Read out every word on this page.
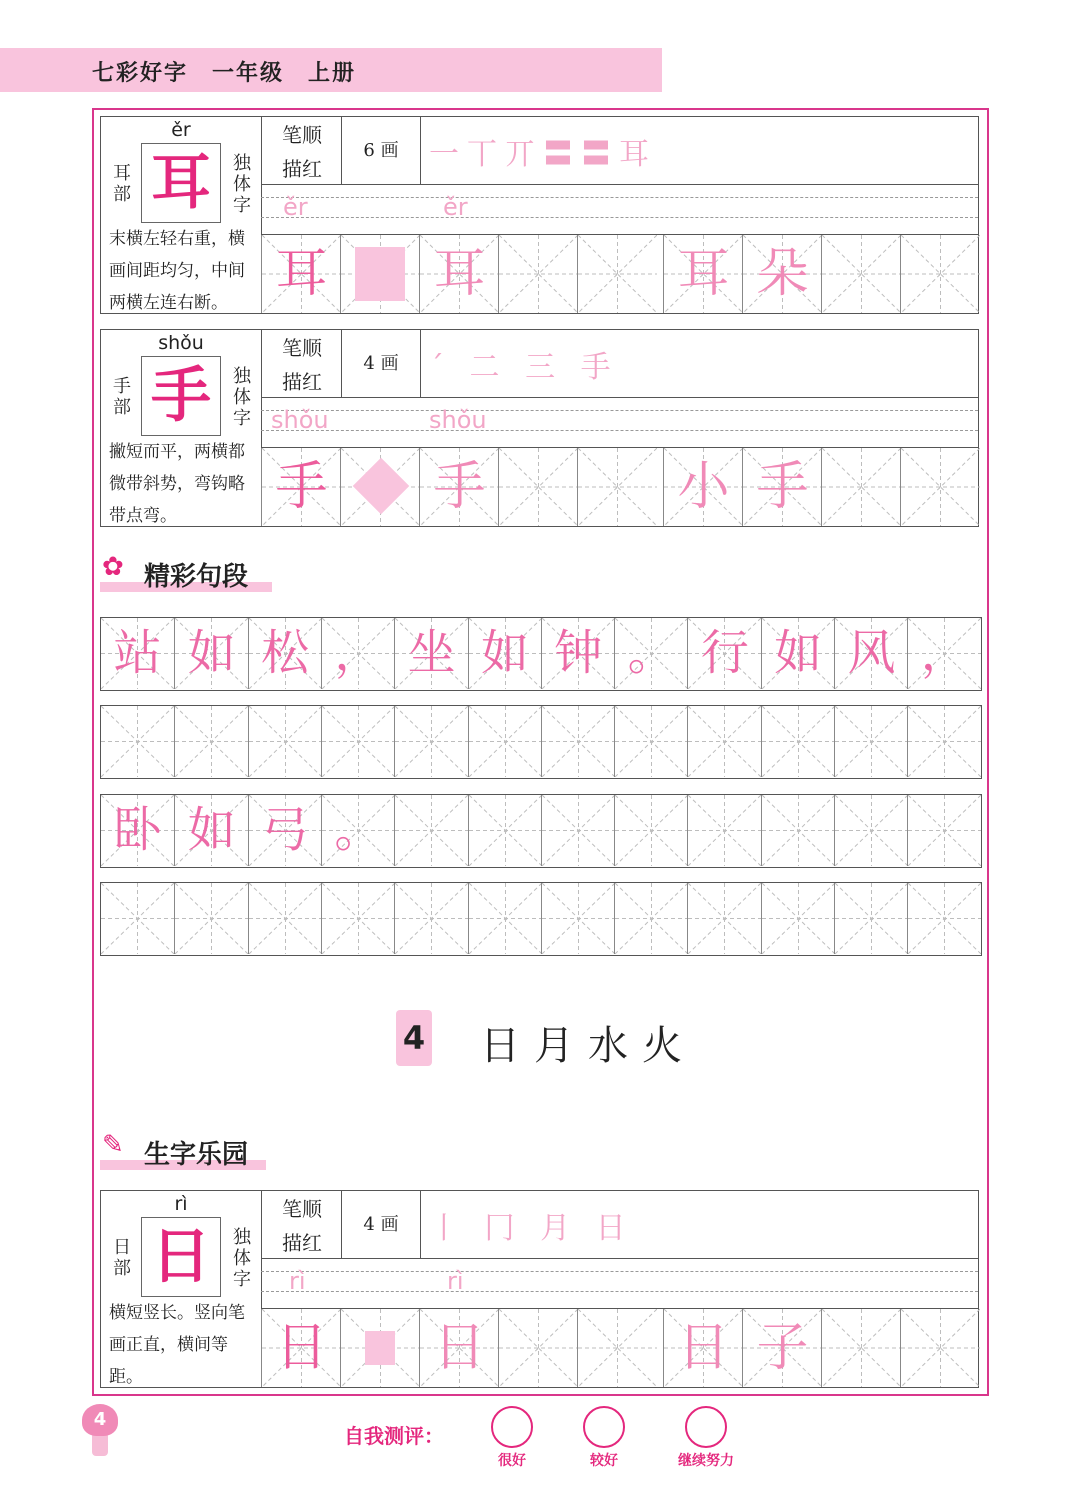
七彩好字　一年级　上册
ěr
耳部 耳	独体字
末横左轻右重，横画间距均匀，中间两横左连右断。
笔顺
描红
6 画	一丅丌〓〓耳
ěr	ěr
耳 耳	耳 朵
shǒu
手部 手	独体字
撇短而平，两横都微带斜势，弯钩略带点弯。
笔顺
描红
4 画	ˊ 二 三 手
shǒu	shǒu
手 手	小 手
✿ 精彩句段
站 如 松 ， 坐 如 钟 。 行 如 风 ，
卧 如 弓 。
4 日月水火
✎ 生字乐园
rì
日部 日	独体字
横短竖长。竖向笔画正直，横间等距。
笔顺
描红
4 画	丨 冂 月 日
rì	rì
日 日	日 子
4
自我测评：
很好	较好	继续努力
